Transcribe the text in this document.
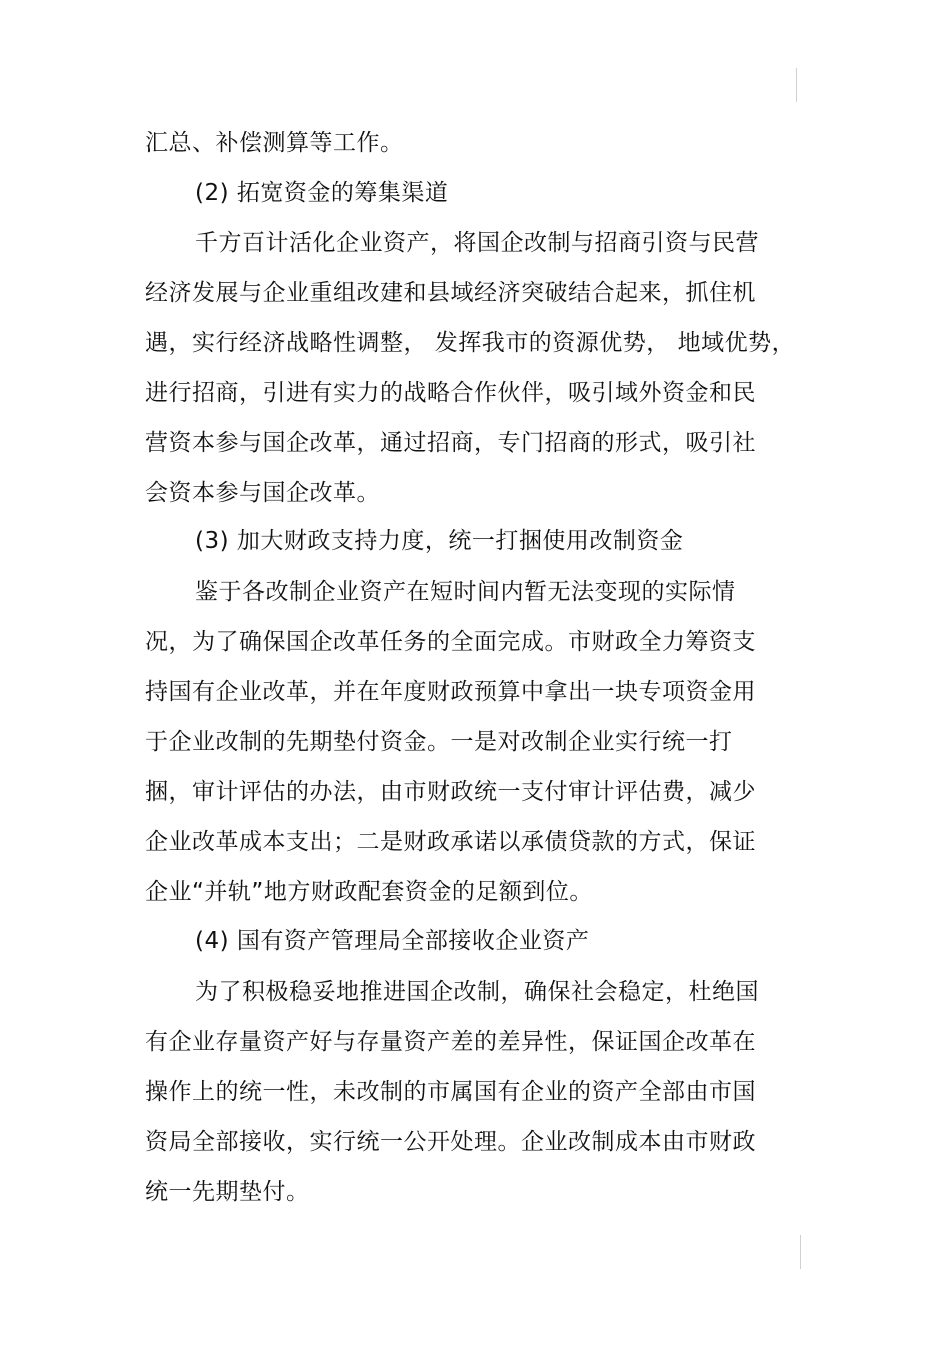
汇总、补偿测算等工作。
(2) 拓宽资金的筹集渠道
千方百计活化企业资产，将国企改制与招商引资与民营
经济发展与企业重组改建和县域经济突破结合起来，抓住机
遇，实行经济战略性调整， 发挥我市的资源优势， 地域优势，
进行招商，引进有实力的战略合作伙伴，吸引域外资金和民
营资本参与国企改革，通过招商，专门招商的形式，吸引社
会资本参与国企改革。
(3) 加大财政支持力度，统一打捆使用改制资金
鉴于各改制企业资产在短时间内暂无法变现的实际情
况，为了确保国企改革任务的全面完成。市财政全力筹资支
持国有企业改革，并在年度财政预算中拿出一块专项资金用
于企业改制的先期垫付资金。一是对改制企业实行统一打
捆，审计评估的办法，由市财政统一支付审计评估费，减少
企业改革成本支出；二是财政承诺以承债贷款的方式，保证
企业“并轨”地方财政配套资金的足额到位。
(4) 国有资产管理局全部接收企业资产
为了积极稳妥地推进国企改制，确保社会稳定，杜绝国
有企业存量资产好与存量资产差的差异性，保证国企改革在
操作上的统一性，未改制的市属国有企业的资产全部由市国
资局全部接收，实行统一公开处理。企业改制成本由市财政
统一先期垫付。
